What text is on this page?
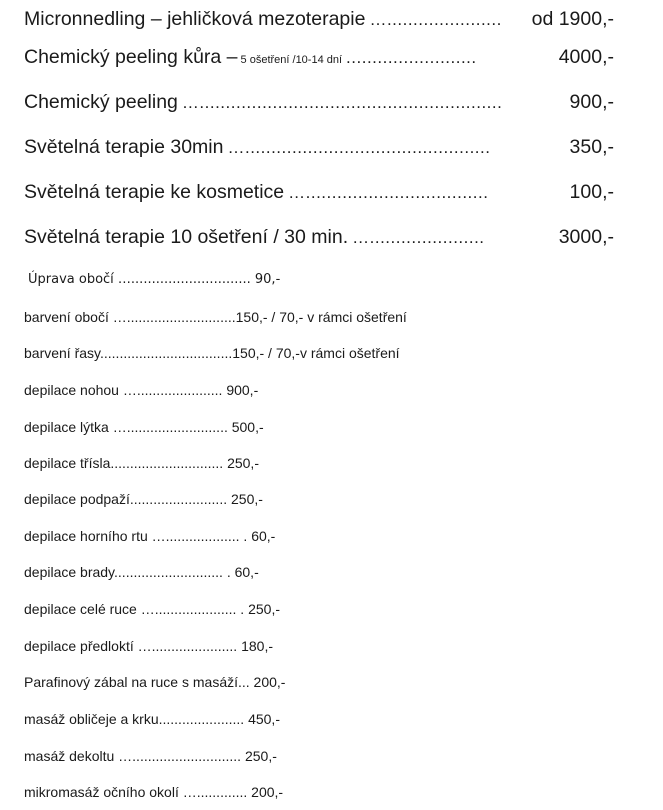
Micronnedling – jehličková mezoterapie …......................	od 1900,-
Chemický peeling kůra – 5 ošetření /10-14 dní .........................	4000,-
Chemický peeling …..........................................................	900,-
Světelná terapie 30min …...............................................	350,-
Světelná terapie ke kosmetice …...................................	100,-
Světelná terapie 10 ošetření / 30 min. …......................	3000,-
Úprava obočí …............................. 90,-
barvení obočí …............................150,- / 70,- v rámci ošetření
barvení řasy..................................150,- / 70,-v rámci ošetření
depilace nohou …...................... 900,-
depilace lýtka ….......................... 500,-
depilace třísla............................. 250,-
depilace podpaží......................... 250,-
depilace horního rtu …................... . 60,-
depilace brady............................ . 60,-
depilace celé ruce …..................... . 250,-
depilace předloktí …...................... 180,-
Parafinový zábal na ruce s masáží... 200,-
masáž obličeje a krku...................... 450,-
masáž dekoltu …............................ 250,-
mikromasáž očního okolí …............. 200,-
